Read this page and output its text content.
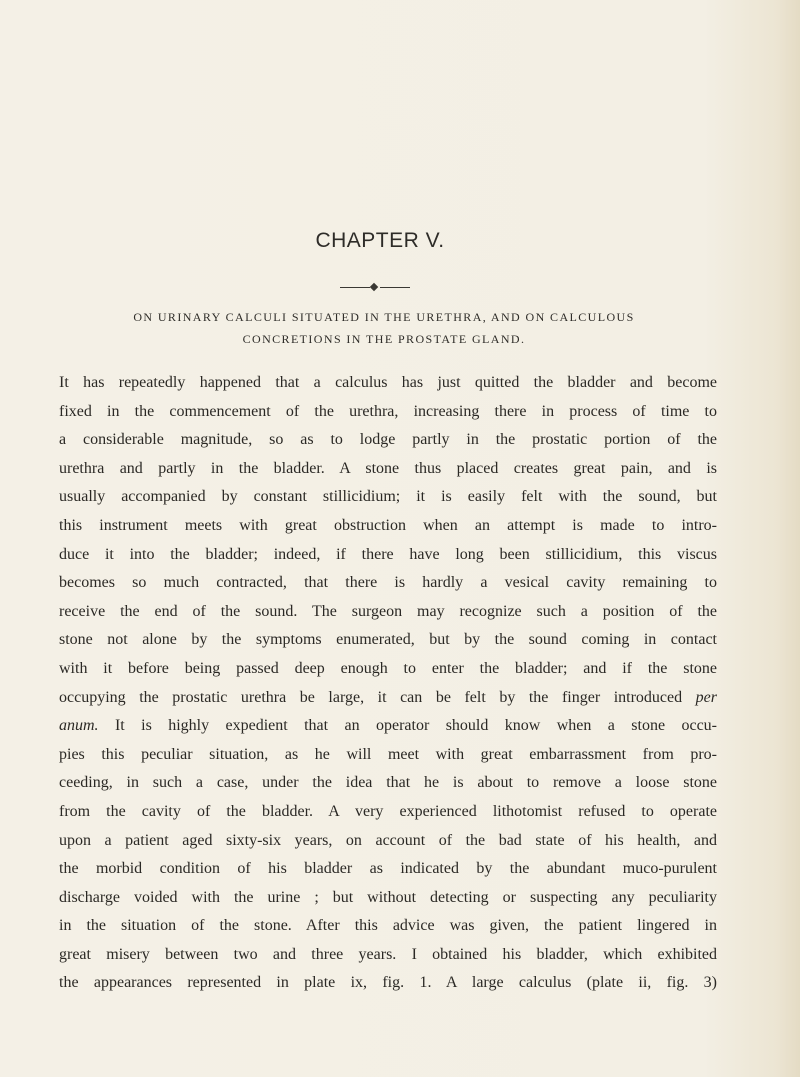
CHAPTER V.
ON URINARY CALCULI SITUATED IN THE URETHRA, AND ON CALCULOUS
CONCRETIONS IN THE PROSTATE GLAND.

It has repeatedly happened that a calculus has just quitted the bladder and become
fixed in the commencement of the urethra, increasing there in process of time to
a considerable magnitude, so as to lodge partly in the prostatic portion of the
urethra and partly in the bladder. A stone thus placed creates great pain, and is
usually accompanied by constant stillicidium; it is easily felt with the sound, but
this instrument meets with great obstruction when an attempt is made to intro-
duce it into the bladder; indeed, if there have long been stillicidium, this viscus
becomes so much contracted, that there is hardly a vesical cavity remaining to
receive the end of the sound. The surgeon may recognize such a position of the
stone not alone by the symptoms enumerated, but by the sound coming in contact
with it before being passed deep enough to enter the bladder; and if the stone
occupying the prostatic urethra be large, it can be felt by the finger introduced per
anum. It is highly expedient that an operator should know when a stone occu-
pies this peculiar situation, as he will meet with great embarrassment from pro-
ceeding, in such a case, under the idea that he is about to remove a loose stone
from the cavity of the bladder. A very experienced lithotomist refused to operate
upon a patient aged sixty-six years, on account of the bad state of his health, and
the morbid condition of his bladder as indicated by the abundant muco-purulent
discharge voided with the urine ; but without detecting or suspecting any peculiarity
in the situation of the stone. After this advice was given, the patient lingered in
great misery between two and three years. I obtained his bladder, which exhibited
the appearances represented in plate ix, fig. 1. A large calculus (plate ii, fig. 3)
